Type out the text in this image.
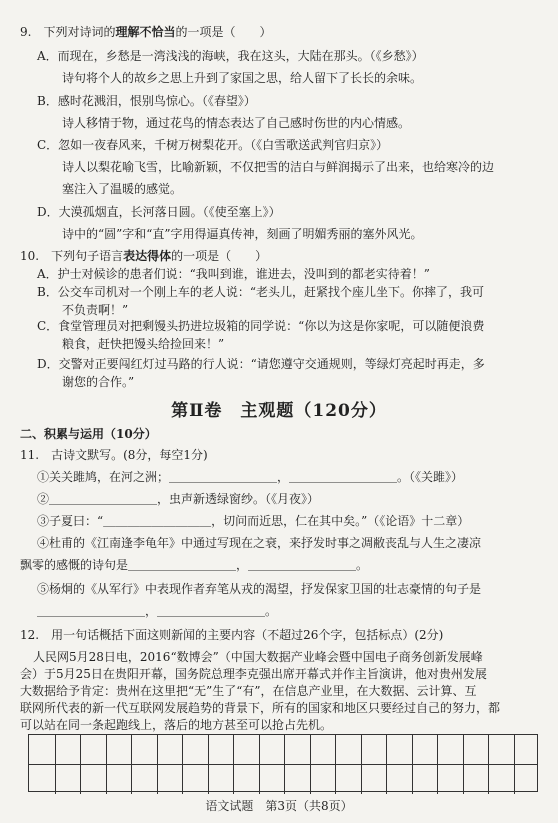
9.　下列对诗词的理解不恰当的一项是（　　）
A．而现在，乡愁是一湾浅浅的海峡，我在这头，大陆在那头。（《乡愁》）
诗句将个人的故乡之思上升到了家国之思，给人留下了长长的余味。
B．感时花溅泪，恨别鸟惊心。（《春望》）
诗人移情于物，通过花鸟的情态表达了自己感时伤世的内心情感。
C．忽如一夜春风来，千树万树梨花开。（《白雪歌送武判官归京》）
诗人以梨花喻飞雪，比喻新颖，不仅把雪的洁白与鲜润揭示了出来，也给寒冷的边
塞注入了温暖的感觉。
D．大漠孤烟直，长河落日圆。（《使至塞上》）
诗中的“圆”字和“直”字用得逼真传神，刻画了明媚秀丽的塞外风光。
10.　下列句子语言表达得体的一项是（　　）
A．护士对候诊的患者们说：“我叫到谁，谁进去，没叫到的都老实待着！”
B．公交车司机对一个刚上车的老人说：“老头儿，赶紧找个座儿坐下。你摔了，我可
不负责啊！”
C．食堂管理员对把剩馒头扔进垃圾箱的同学说：“你以为这是你家呢，可以随便浪费
粮食，赶快把馒头给捡回来！”
第Ⅱ卷　主观题（120分）
二、积累与运用（10分）
11.　古诗文默写。(8分，每空1分)
①关关雎鸠，在河之洲；＿＿＿＿＿＿＿＿＿，＿＿＿＿＿＿＿＿＿。（《关雎》）
②＿＿＿＿＿＿＿＿＿，虫声新透绿窗纱。（《月夜》）
③子夏曰：“＿＿＿＿＿＿＿＿＿，切问而近思，仁在其中矣。”（《论语》十二章）
④杜甫的《江南逢李龟年》中通过写现在之衰，来抒发时事之凋敝丧乱与人生之凄凉
飘零的感慨的诗句是＿＿＿＿＿＿＿＿＿，＿＿＿＿＿＿＿＿＿。
⑤杨炯的《从军行》中表现作者弃笔从戎的渴望，抒发保家卫国的壮志豪情的句子是
＿＿＿＿＿＿＿＿＿，＿＿＿＿＿＿＿＿＿。
12.　用一句话概括下面这则新闻的主要内容（不超过26个字，包括标点）(2分)
人民网5月28日电，2016“数博会”（中国大数据产业峰会暨中国电子商务创新发展峰
会）于5月25日在贵阳开幕，国务院总理李克强出席开幕式并作主旨演讲，他对贵州发展
大数据给予肯定：贵州在这里把“无”生了“有”，在信息产业里，在大数据、云计算、互
语文试题　第3页（共8页）
D．交警对正要闯红灯过马路的行人说：“请您遵守交通规则，等绿灯亮起时再走，多
谢您的合作。”
联网所代表的新一代互联网发展趋势的背景下，所有的国家和地区只要经过自己的努力，都
可以站在同一条起跑线上，落后的地方甚至可以抢占先机。
